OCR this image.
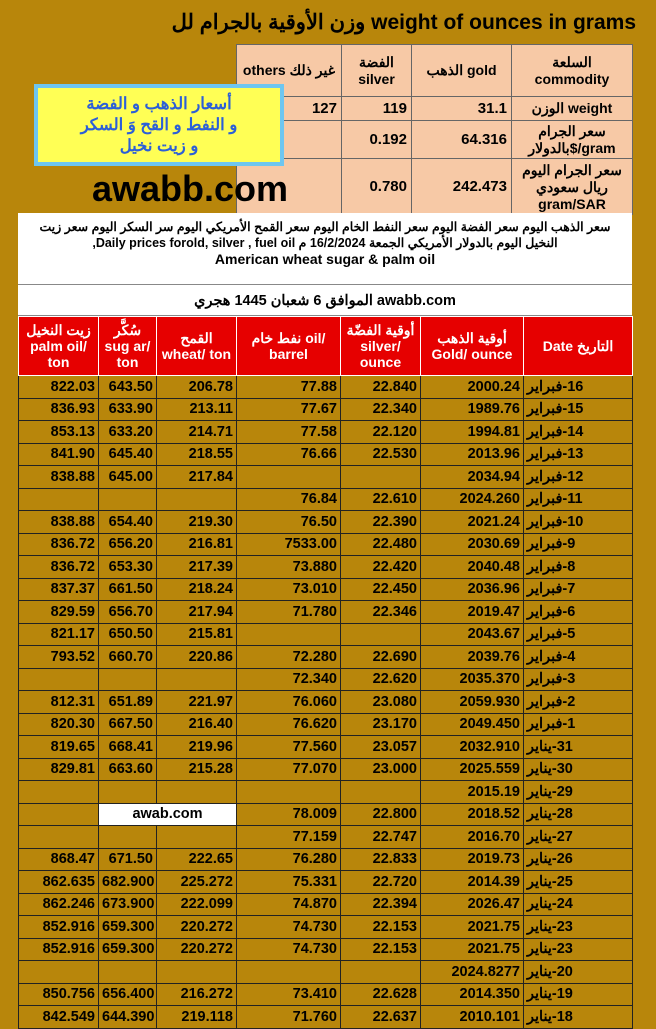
وزن الأوقية بالجرام لل weight of ounces in grams
others غير ذلك	الفضة silver	الذهب gold	السلعة commodity
127	119	31.1	الوزن weight
	0.192	64.316	سعر الجرام بالدولار$/gram
	0.780	242.473	سعر الجرام اليوم ريال سعودي gram/SAR
أسعار الذهب و الفضة
و النفط و القح وَ السكر
و زيت نخيل
awabb.com
سعر الذهب اليوم سعر الفضة اليوم سعر النفط الخام اليوم سعر القمح الأمريكي اليوم سر السكر اليوم سعر زيت
النخيل اليوم بالدولار الأمريكي الجمعة 16/2/2024 م Daily prices forold, silver , fuel oil,
American wheat sugar & palm oil
awabb.com الموافق 6 شعبان 1445 هجري
زيت النخيل palm oil/ ton	سُكَّر sug ar/ ton	القمح wheat/ ton	نفط خام oil/ barrel	أوقية الفضّة silver/ ounce	أوقية الذهب Gold/ ounce	Date التاريخ
822.03	643.50	206.78	77.88	22.840	2000.24	16-فبراير
836.93	633.90	213.11	77.67	22.340	1989.76	15-فبراير
853.13	633.20	214.71	77.58	22.120	1994.81	14-فبراير
841.90	645.40	218.55	76.66	22.530	2013.96	13-فبراير
838.88	645.00	217.84			2034.94	12-فبراير
			76.84	22.610	2024.260	11-فبراير
838.88	654.40	219.30	76.50	22.390	2021.24	10-فبراير
836.72	656.20	216.81	7533.00	22.480	2030.69	9-فبراير
836.72	653.30	217.39	73.880	22.420	2040.48	8-فبراير
837.37	661.50	218.24	73.010	22.450	2036.96	7-فبراير
829.59	656.70	217.94	71.780	22.346	2019.47	6-فبراير
821.17	650.50	215.81			2043.67	5-فبراير
793.52	660.70	220.86	72.280	22.690	2039.76	4-فبراير
			72.340	22.620	2035.370	3-فبراير
812.31	651.89	221.97	76.060	23.080	2059.930	2-فبراير
820.30	667.50	216.40	76.620	23.170	2049.450	1-فبراير
819.65	668.41	219.96	77.560	23.057	2032.910	31-يناير
829.81	663.60	215.28	77.070	23.000	2025.559	30-يناير
					2015.19	29-يناير
	awab.com		78.009	22.800	2018.52	28-يناير
			77.159	22.747	2016.70	27-يناير
868.47	671.50	222.65	76.280	22.833	2019.73	26-يناير
862.635	682.900	225.272	75.331	22.720	2014.39	25-يناير
862.246	673.900	222.099	74.870	22.394	2026.47	24-يناير
852.916	659.300	220.272	74.730	22.153	2021.75	23-يناير
852.916	659.300	220.272	74.730	22.153	2021.75	23-يناير
					2024.8277	20-يناير
850.756	656.400	216.272	73.410	22.628	2014.350	19-يناير
842.549	644.390	219.118	71.760	22.637	2010.101	18-يناير
